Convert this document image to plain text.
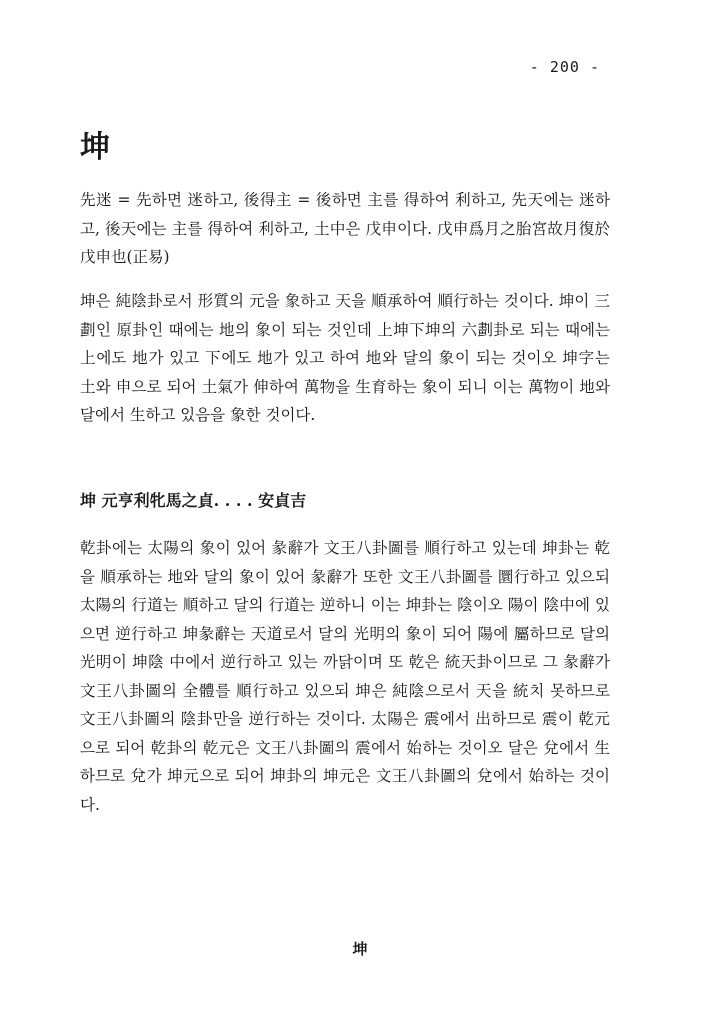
- 200 -
坤

先迷 = 先하면 迷하고, 後得主 = 後하면 主를 得하여 利하고, 先天에는 迷하고, 後天에는 主를 得하여 利하고, 土中은 戊申이다. 戊申爲月之胎宮故月復於戊申也(正易)

坤은 純陰卦로서 形質의 元을 象하고 天을 順承하여 順行하는 것이다. 坤이 三劃인 原卦인 때에는 地의 象이 되는 것인데 上坤下坤의 六劃卦로 되는 때에는 上에도 地가 있고 下에도 地가 있고 하여 地와 달의 象이 되는 것이오 坤字는 土와 申으로 되어 土氣가 伸하여 萬物을 生育하는 象이 되니 이는 萬物이 地와 달에서 生하고 있음을 象한 것이다.

坤 元亨利牝馬之貞. . . . 安貞吉

乾卦에는 太陽의 象이 있어 彖辭가 文王八卦圖를 順行하고 있는데 坤卦는 乾을 順承하는 地와 달의 象이 있어 彖辭가 또한 文王八卦圖를 圜行하고 있으되 太陽의 行道는 順하고 달의 行道는 逆하니 이는 坤卦는 陰이오 陽이 陰中에 있으면 逆行하고 坤彖辭는 天道로서 달의 光明의 象이 되어 陽에 屬하므로 달의 光明이 坤陰 中에서 逆行하고 있는 까닭이며 또 乾은 統天卦이므로 그 彖辭가 文王八卦圖의 全體를 順行하고 있으되 坤은 純陰으로서 天을 統치 못하므로 文王八卦圖의 陰卦만을 逆行하는 것이다. 太陽은 震에서 出하므로 震이 乾元으로 되어 乾卦의 乾元은 文王八卦圖의 震에서 始하는 것이오 달은 兌에서 生하므로 兌가 坤元으로 되어 坤卦의 坤元은 文王八卦圖의 兌에서 始하는 것이다.

坤
